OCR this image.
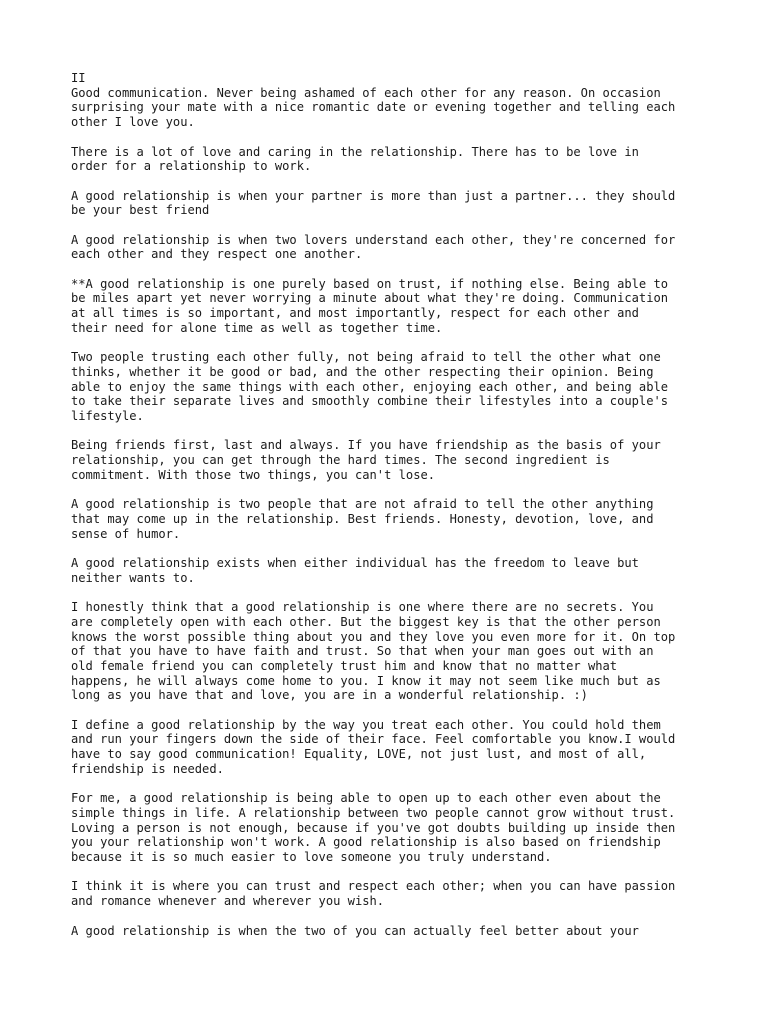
II
Good communication. Never being ashamed of each other for any reason. On occasion
surprising your mate with a nice romantic date or evening together and telling each
other I love you.
There is a lot of love and caring in the relationship. There has to be love in
order for a relationship to work.
A good relationship is when your partner is more than just a partner... they should
be your best friend
A good relationship is when two lovers understand each other, they're concerned for
each other and they respect one another.
**A good relationship is one purely based on trust, if nothing else. Being able to
be miles apart yet never worrying a minute about what they're doing. Communication
at all times is so important, and most importantly, respect for each other and
their need for alone time as well as together time.
Two people trusting each other fully, not being afraid to tell the other what one
thinks, whether it be good or bad, and the other respecting their opinion. Being
able to enjoy the same things with each other, enjoying each other, and being able
to take their separate lives and smoothly combine their lifestyles into a couple's
lifestyle.
Being friends first, last and always. If you have friendship as the basis of your
relationship, you can get through the hard times. The second ingredient is
commitment. With those two things, you can't lose.
A good relationship is two people that are not afraid to tell the other anything
that may come up in the relationship. Best friends. Honesty, devotion, love, and
sense of humor.
A good relationship exists when either individual has the freedom to leave but
neither wants to.
I honestly think that a good relationship is one where there are no secrets. You
are completely open with each other. But the biggest key is that the other person
knows the worst possible thing about you and they love you even more for it. On top
of that you have to have faith and trust. So that when your man goes out with an
old female friend you can completely trust him and know that no matter what
happens, he will always come home to you. I know it may not seem like much but as
long as you have that and love, you are in a wonderful relationship. :)
I define a good relationship by the way you treat each other. You could hold them
and run your fingers down the side of their face. Feel comfortable you know.I would
have to say good communication! Equality, LOVE, not just lust, and most of all,
friendship is needed.
For me, a good relationship is being able to open up to each other even about the
simple things in life. A relationship between two people cannot grow without trust.
Loving a person is not enough, because if you've got doubts building up inside then
you your relationship won't work. A good relationship is also based on friendship
because it is so much easier to love someone you truly understand.
I think it is where you can trust and respect each other; when you can have passion
and romance whenever and wherever you wish.
A good relationship is when the two of you can actually feel better about your
